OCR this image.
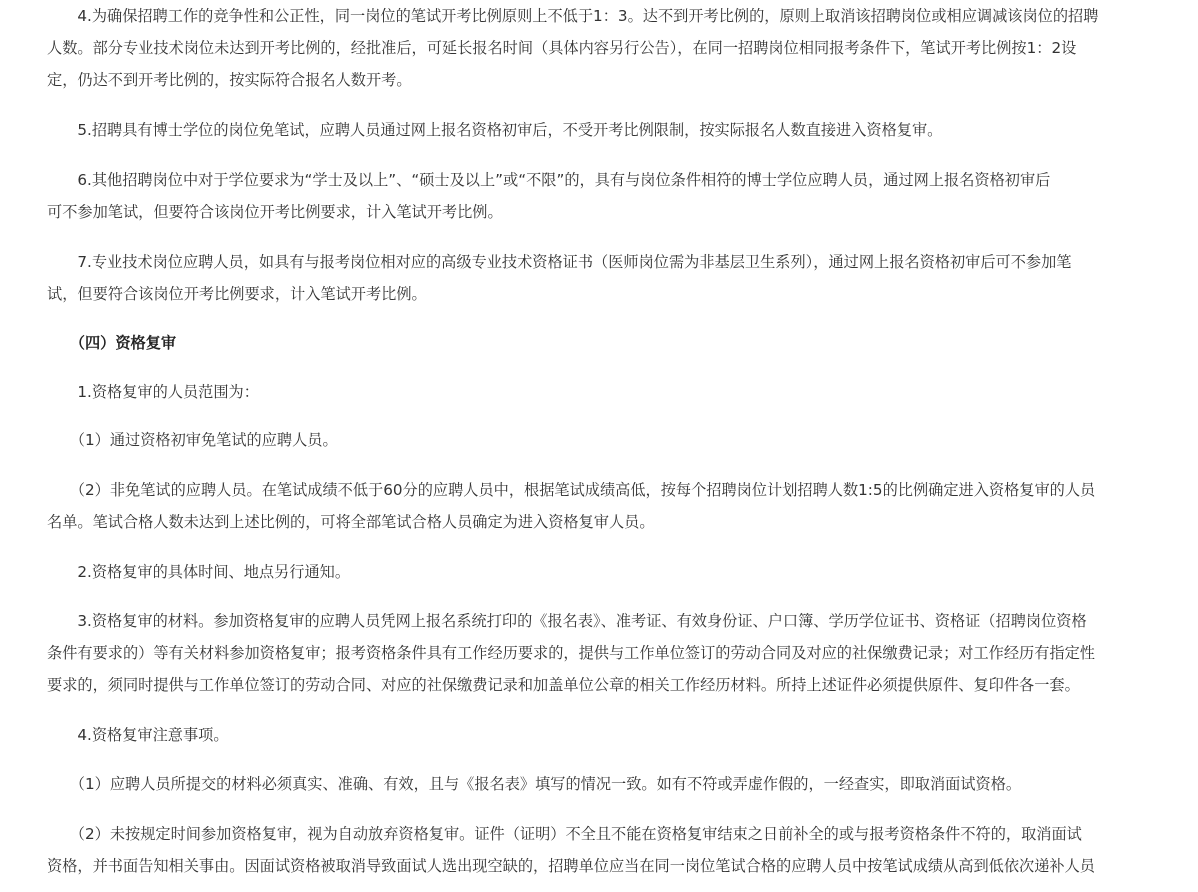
　　4.为确保招聘工作的竞争性和公正性，同一岗位的笔试开考比例原则上不低于1：3。达不到开考比例的，原则上取消该招聘岗位或相应调减该岗位的招聘
人数。部分专业技术岗位未达到开考比例的，经批准后，可延长报名时间（具体内容另行公告），在同一招聘岗位相同报考条件下，笔试开考比例按1：2设
定，仍达不到开考比例的，按实际符合报名人数开考。

　　5.招聘具有博士学位的岗位免笔试，应聘人员通过网上报名资格初审后，不受开考比例限制，按实际报名人数直接进入资格复审。

　　6.其他招聘岗位中对于学位要求为“学士及以上”、“硕士及以上”或“不限”的，具有与岗位条件相符的博士学位应聘人员，通过网上报名资格初审后
可不参加笔试，但要符合该岗位开考比例要求，计入笔试开考比例。

　　7.专业技术岗位应聘人员，如具有与报考岗位相对应的高级专业技术资格证书（医师岗位需为非基层卫生系列），通过网上报名资格初审后可不参加笔
试，但要符合该岗位开考比例要求，计入笔试开考比例。

　　（四）资格复审

　　1.资格复审的人员范围为：

　　（1）通过资格初审免笔试的应聘人员。

　　（2）非免笔试的应聘人员。在笔试成绩不低于60分的应聘人员中，根据笔试成绩高低，按每个招聘岗位计划招聘人数1:5的比例确定进入资格复审的人员
名单。笔试合格人数未达到上述比例的，可将全部笔试合格人员确定为进入资格复审人员。

　　2.资格复审的具体时间、地点另行通知。

　　3.资格复审的材料。参加资格复审的应聘人员凭网上报名系统打印的《报名表》、准考证、有效身份证、户口簿、学历学位证书、资格证（招聘岗位资格
条件有要求的）等有关材料参加资格复审；报考资格条件具有工作经历要求的，提供与工作单位签订的劳动合同及对应的社保缴费记录；对工作经历有指定性
要求的，须同时提供与工作单位签订的劳动合同、对应的社保缴费记录和加盖单位公章的相关工作经历材料。所持上述证件必须提供原件、复印件各一套。

　　4.资格复审注意事项。

　　（1）应聘人员所提交的材料必须真实、准确、有效，且与《报名表》填写的情况一致。如有不符或弄虚作假的，一经查实，即取消面试资格。

　　（2）未按规定时间参加资格复审，视为自动放弃资格复审。证件（证明）不全且不能在资格复审结束之日前补全的或与报考资格条件不符的，取消面试
资格，并书面告知相关事由。因面试资格被取消导致面试人选出现空缺的，招聘单位应当在同一岗位笔试合格的应聘人员中按笔试成绩从高到低依次递补人员
